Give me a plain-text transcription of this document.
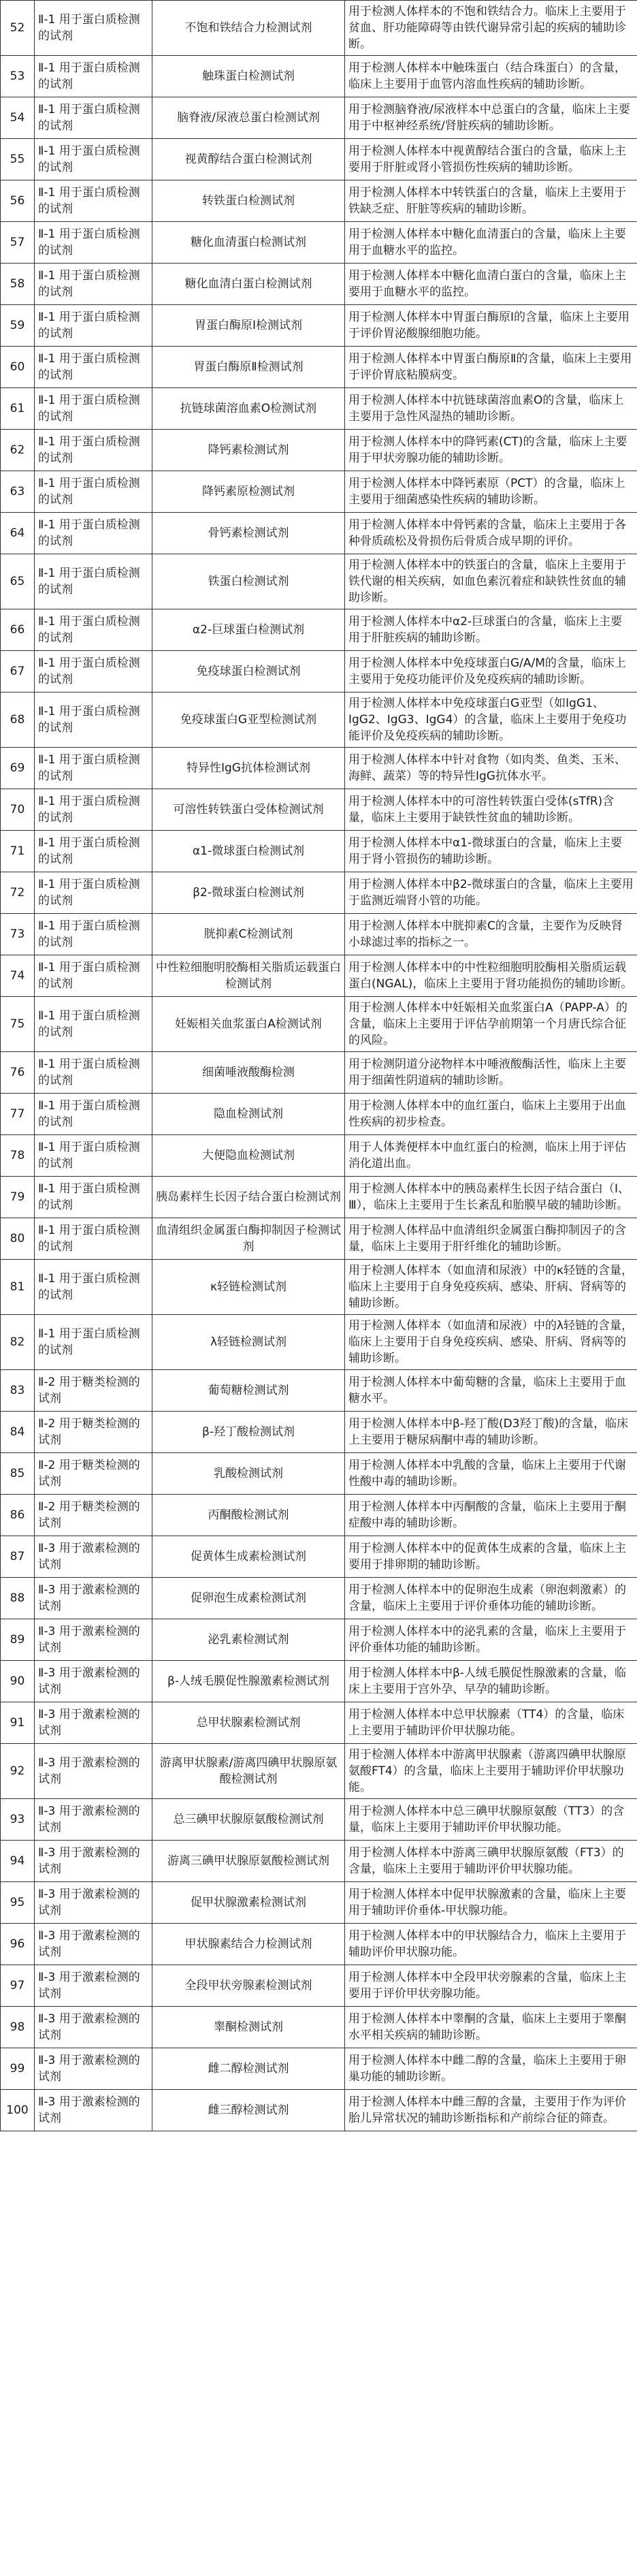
52	Ⅱ-1 用于蛋白质检测的试剂	不饱和铁结合力检测试剂	用于检测人体样本的不饱和铁结合力。临床上主要用于贫血、肝功能障碍等由铁代谢异常引起的疾病的辅助诊断。
53	Ⅱ-1 用于蛋白质检测的试剂	触珠蛋白检测试剂	用于检测人体样本中触珠蛋白（结合珠蛋白）的含量，临床上主要用于血管内溶血性疾病的辅助诊断。
54	Ⅱ-1 用于蛋白质检测的试剂	脑脊液/尿液总蛋白检测试剂	用于检测脑脊液/尿液样本中总蛋白的含量，临床上主要用于中枢神经系统/肾脏疾病的辅助诊断。
55	Ⅱ-1 用于蛋白质检测的试剂	视黄醇结合蛋白检测试剂	用于检测人体样本中视黄醇结合蛋白的含量，临床上主要用于肝脏或肾小管损伤性疾病的辅助诊断。
56	Ⅱ-1 用于蛋白质检测的试剂	转铁蛋白检测试剂	用于检测人体样本中转铁蛋白的含量，临床上主要用于铁缺乏症、肝脏等疾病的辅助诊断。
57	Ⅱ-1 用于蛋白质检测的试剂	糖化血清蛋白检测试剂	用于检测人体样本中糖化血清蛋白的含量，临床上主要用于血糖水平的监控。
58	Ⅱ-1 用于蛋白质检测的试剂	糖化血清白蛋白检测试剂	用于检测人体样本中糖化血清白蛋白的含量，临床上主要用于血糖水平的监控。
59	Ⅱ-1 用于蛋白质检测的试剂	胃蛋白酶原Ⅰ检测试剂	用于检测人体样本中胃蛋白酶原Ⅰ的含量，临床上主要用于评价胃泌酸腺细胞功能。
60	Ⅱ-1 用于蛋白质检测的试剂	胃蛋白酶原Ⅱ检测试剂	用于检测人体样本中胃蛋白酶原Ⅱ的含量，临床上主要用于评价胃底粘膜病变。
61	Ⅱ-1 用于蛋白质检测的试剂	抗链球菌溶血素O检测试剂	用于检测人体样本中抗链球菌溶血素O的含量，临床上主要用于急性风湿热的辅助诊断。
62	Ⅱ-1 用于蛋白质检测的试剂	降钙素检测试剂	用于检测人体样本中的降钙素(CT)的含量，临床上主要用于甲状旁腺功能的辅助诊断。
63	Ⅱ-1 用于蛋白质检测的试剂	降钙素原检测试剂	用于检测人体样本中降钙素原（PCT）的含量，临床上主要用于细菌感染性疾病的辅助诊断。
64	Ⅱ-1 用于蛋白质检测的试剂	骨钙素检测试剂	用于检测人体样本中骨钙素的含量，临床上主要用于各种骨质疏松及骨损伤后骨质合成早期的评价。
65	Ⅱ-1 用于蛋白质检测的试剂	铁蛋白检测试剂	用于检测人体样本中的铁蛋白的含量，临床上主要用于铁代谢的相关疾病，如血色素沉着症和缺铁性贫血的辅助诊断。
66	Ⅱ-1 用于蛋白质检测的试剂	α2-巨球蛋白检测试剂	用于检测人体样本中α2-巨球蛋白的含量，临床上主要用于肝脏疾病的辅助诊断。
67	Ⅱ-1 用于蛋白质检测的试剂	免疫球蛋白检测试剂	用于检测人体样本中免疫球蛋白G/A/M的含量，临床上主要用于免疫功能评价及免疫疾病的辅助诊断。
68	Ⅱ-1 用于蛋白质检测的试剂	免疫球蛋白G亚型检测试剂	用于检测人体样本中免疫球蛋白G亚型（如IgG1、IgG2、IgG3、IgG4）的含量，临床上主要用于免疫功能评价及免疫疾病的辅助诊断。
69	Ⅱ-1 用于蛋白质检测的试剂	特异性IgG抗体检测试剂	用于检测人体样本中针对食物（如肉类、鱼类、玉米、海鲜、蔬菜）等的特异性IgG抗体水平。
70	Ⅱ-1 用于蛋白质检测的试剂	可溶性转铁蛋白受体检测试剂	用于检测人体样本中的可溶性转铁蛋白受体(sTfR)含量，临床上主要用于缺铁性贫血的辅助诊断。
71	Ⅱ-1 用于蛋白质检测的试剂	α1-微球蛋白检测试剂	用于检测人体样本中α1-微球蛋白的含量，临床上主要用于肾小管损伤的辅助诊断。
72	Ⅱ-1 用于蛋白质检测的试剂	β2-微球蛋白检测试剂	用于检测人体样本中β2-微球蛋白的含量，临床上主要用于监测近端肾小管的功能。
73	Ⅱ-1 用于蛋白质检测的试剂	胱抑素C检测试剂	用于检测人体样本中胱抑素C的含量，主要作为反映肾小球滤过率的指标之一。
74	Ⅱ-1 用于蛋白质检测的试剂	中性粒细胞明胶酶相关脂质运载蛋白检测试剂	用于检测人体样本中的中性粒细胞明胶酶相关脂质运载蛋白(NGAL)，临床上主要用于肾功能损伤的辅助诊断。
75	Ⅱ-1 用于蛋白质检测的试剂	妊娠相关血浆蛋白A检测试剂	用于检测人体样本中妊娠相关血浆蛋白A（PAPP-A）的含量，临床上主要用于评估孕前期第一个月唐氏综合征的风险。
76	Ⅱ-1 用于蛋白质检测的试剂	细菌唾液酸酶检测	用于检测阴道分泌物样本中唾液酸酶活性，临床上主要用于细菌性阴道病的辅助诊断。
77	Ⅱ-1 用于蛋白质检测的试剂	隐血检测试剂	用于检测人体样本中的血红蛋白，临床上主要用于出血性疾病的初步检查。
78	Ⅱ-1 用于蛋白质检测的试剂	大便隐血检测试剂	用于人体粪便样本中血红蛋白的检测，临床上用于评估消化道出血。
79	Ⅱ-1 用于蛋白质检测的试剂	胰岛素样生长因子结合蛋白检测试剂	用于检测人体样本中的胰岛素样生长因子结合蛋白（Ⅰ、Ⅲ），临床上主要用于生长紊乱和胎膜早破的辅助诊断。
80	Ⅱ-1 用于蛋白质检测的试剂	血清组织金属蛋白酶抑制因子检测试剂	用于检测人体样品中血清组织金属蛋白酶抑制因子的含量，临床上主要用于肝纤维化的辅助诊断。
81	Ⅱ-1 用于蛋白质检测的试剂	κ轻链检测试剂	用于检测人体样本（如血清和尿液）中的κ轻链的含量，临床上主要用于自身免疫疾病、感染、肝病、肾病等的辅助诊断。
82	Ⅱ-1 用于蛋白质检测的试剂	λ轻链检测试剂	用于检测人体样本（如血清和尿液）中的λ轻链的含量，临床上主要用于自身免疫疾病、感染、肝病、肾病等的辅助诊断。
83	Ⅱ-2 用于糖类检测的试剂	葡萄糖检测试剂	用于检测人体样本中葡萄糖的含量，临床上主要用于血糖水平。
84	Ⅱ-2 用于糖类检测的试剂	β-羟丁酸检测试剂	用于检测人体样本中β-羟丁酸(D3羟丁酸)的含量，临床上主要用于糖尿病酮中毒的辅助诊断。
85	Ⅱ-2 用于糖类检测的试剂	乳酸检测试剂	用于检测人体样本中乳酸的含量，临床上主要用于代谢性酸中毒的辅助诊断。
86	Ⅱ-2 用于糖类检测的试剂	丙酮酸检测试剂	用于检测人体样本中丙酮酸的含量，临床上主要用于酮症酸中毒的辅助诊断。
87	Ⅱ-3 用于激素检测的试剂	促黄体生成素检测试剂	用于检测人体样本中的促黄体生成素的含量，临床上主要用于排卵期的辅助诊断。
88	Ⅱ-3 用于激素检测的试剂	促卵泡生成素检测试剂	用于检测人体样本中的促卵泡生成素（卵泡刺激素）的含量，临床上主要用于评价垂体功能的辅助诊断。
89	Ⅱ-3 用于激素检测的试剂	泌乳素检测试剂	用于检测人体样本中的泌乳素的含量，临床上主要用于评价垂体功能的辅助诊断。
90	Ⅱ-3 用于激素检测的试剂	β-人绒毛膜促性腺激素检测试剂	用于检测人体样本中β-人绒毛膜促性腺激素的含量，临床上主要用于宫外孕、早孕的辅助诊断。
91	Ⅱ-3 用于激素检测的试剂	总甲状腺素检测试剂	用于检测人体样本中总甲状腺素（TT4）的含量，临床上主要用于辅助评价甲状腺功能。
92	Ⅱ-3 用于激素检测的试剂	游离甲状腺素/游离四碘甲状腺原氨酸检测试剂	用于检测人体样本中游离甲状腺素（游离四碘甲状腺原氨酸FT4）的含量，临床上主要用于辅助评价甲状腺功能。
93	Ⅱ-3 用于激素检测的试剂	总三碘甲状腺原氨酸检测试剂	用于检测人体样本中总三碘甲状腺原氨酸（TT3）的含量，临床上主要用于辅助评价甲状腺功能。
94	Ⅱ-3 用于激素检测的试剂	游离三碘甲状腺原氨酸检测试剂	用于检测人体样本中游离三碘甲状腺原氨酸（FT3）的含量，临床上主要用于辅助评价甲状腺功能。
95	Ⅱ-3 用于激素检测的试剂	促甲状腺激素检测试剂	用于检测人体样本中促甲状腺激素的含量，临床上主要用于辅助评价垂体-甲状腺功能。
96	Ⅱ-3 用于激素检测的试剂	甲状腺素结合力检测试剂	用于检测人体样本中的甲状腺结合力，临床上主要用于辅助评价甲状腺功能。
97	Ⅱ-3 用于激素检测的试剂	全段甲状旁腺素检测试剂	用于检测人体样本中全段甲状旁腺素的含量，临床上主要用于评价甲状旁腺功能。
98	Ⅱ-3 用于激素检测的试剂	睾酮检测试剂	用于检测人体样本中睾酮的含量，临床上主要用于睾酮水平相关疾病的辅助诊断。
99	Ⅱ-3 用于激素检测的试剂	雌二醇检测试剂	用于检测人体样本中雌二醇的含量，临床上主要用于卵巢功能的辅助诊断。
100	Ⅱ-3 用于激素检测的试剂	雌三醇检测试剂	用于检测人体样本中雌三醇的含量，主要用于作为评价胎儿异常状况的辅助诊断指标和产前综合征的筛查。
